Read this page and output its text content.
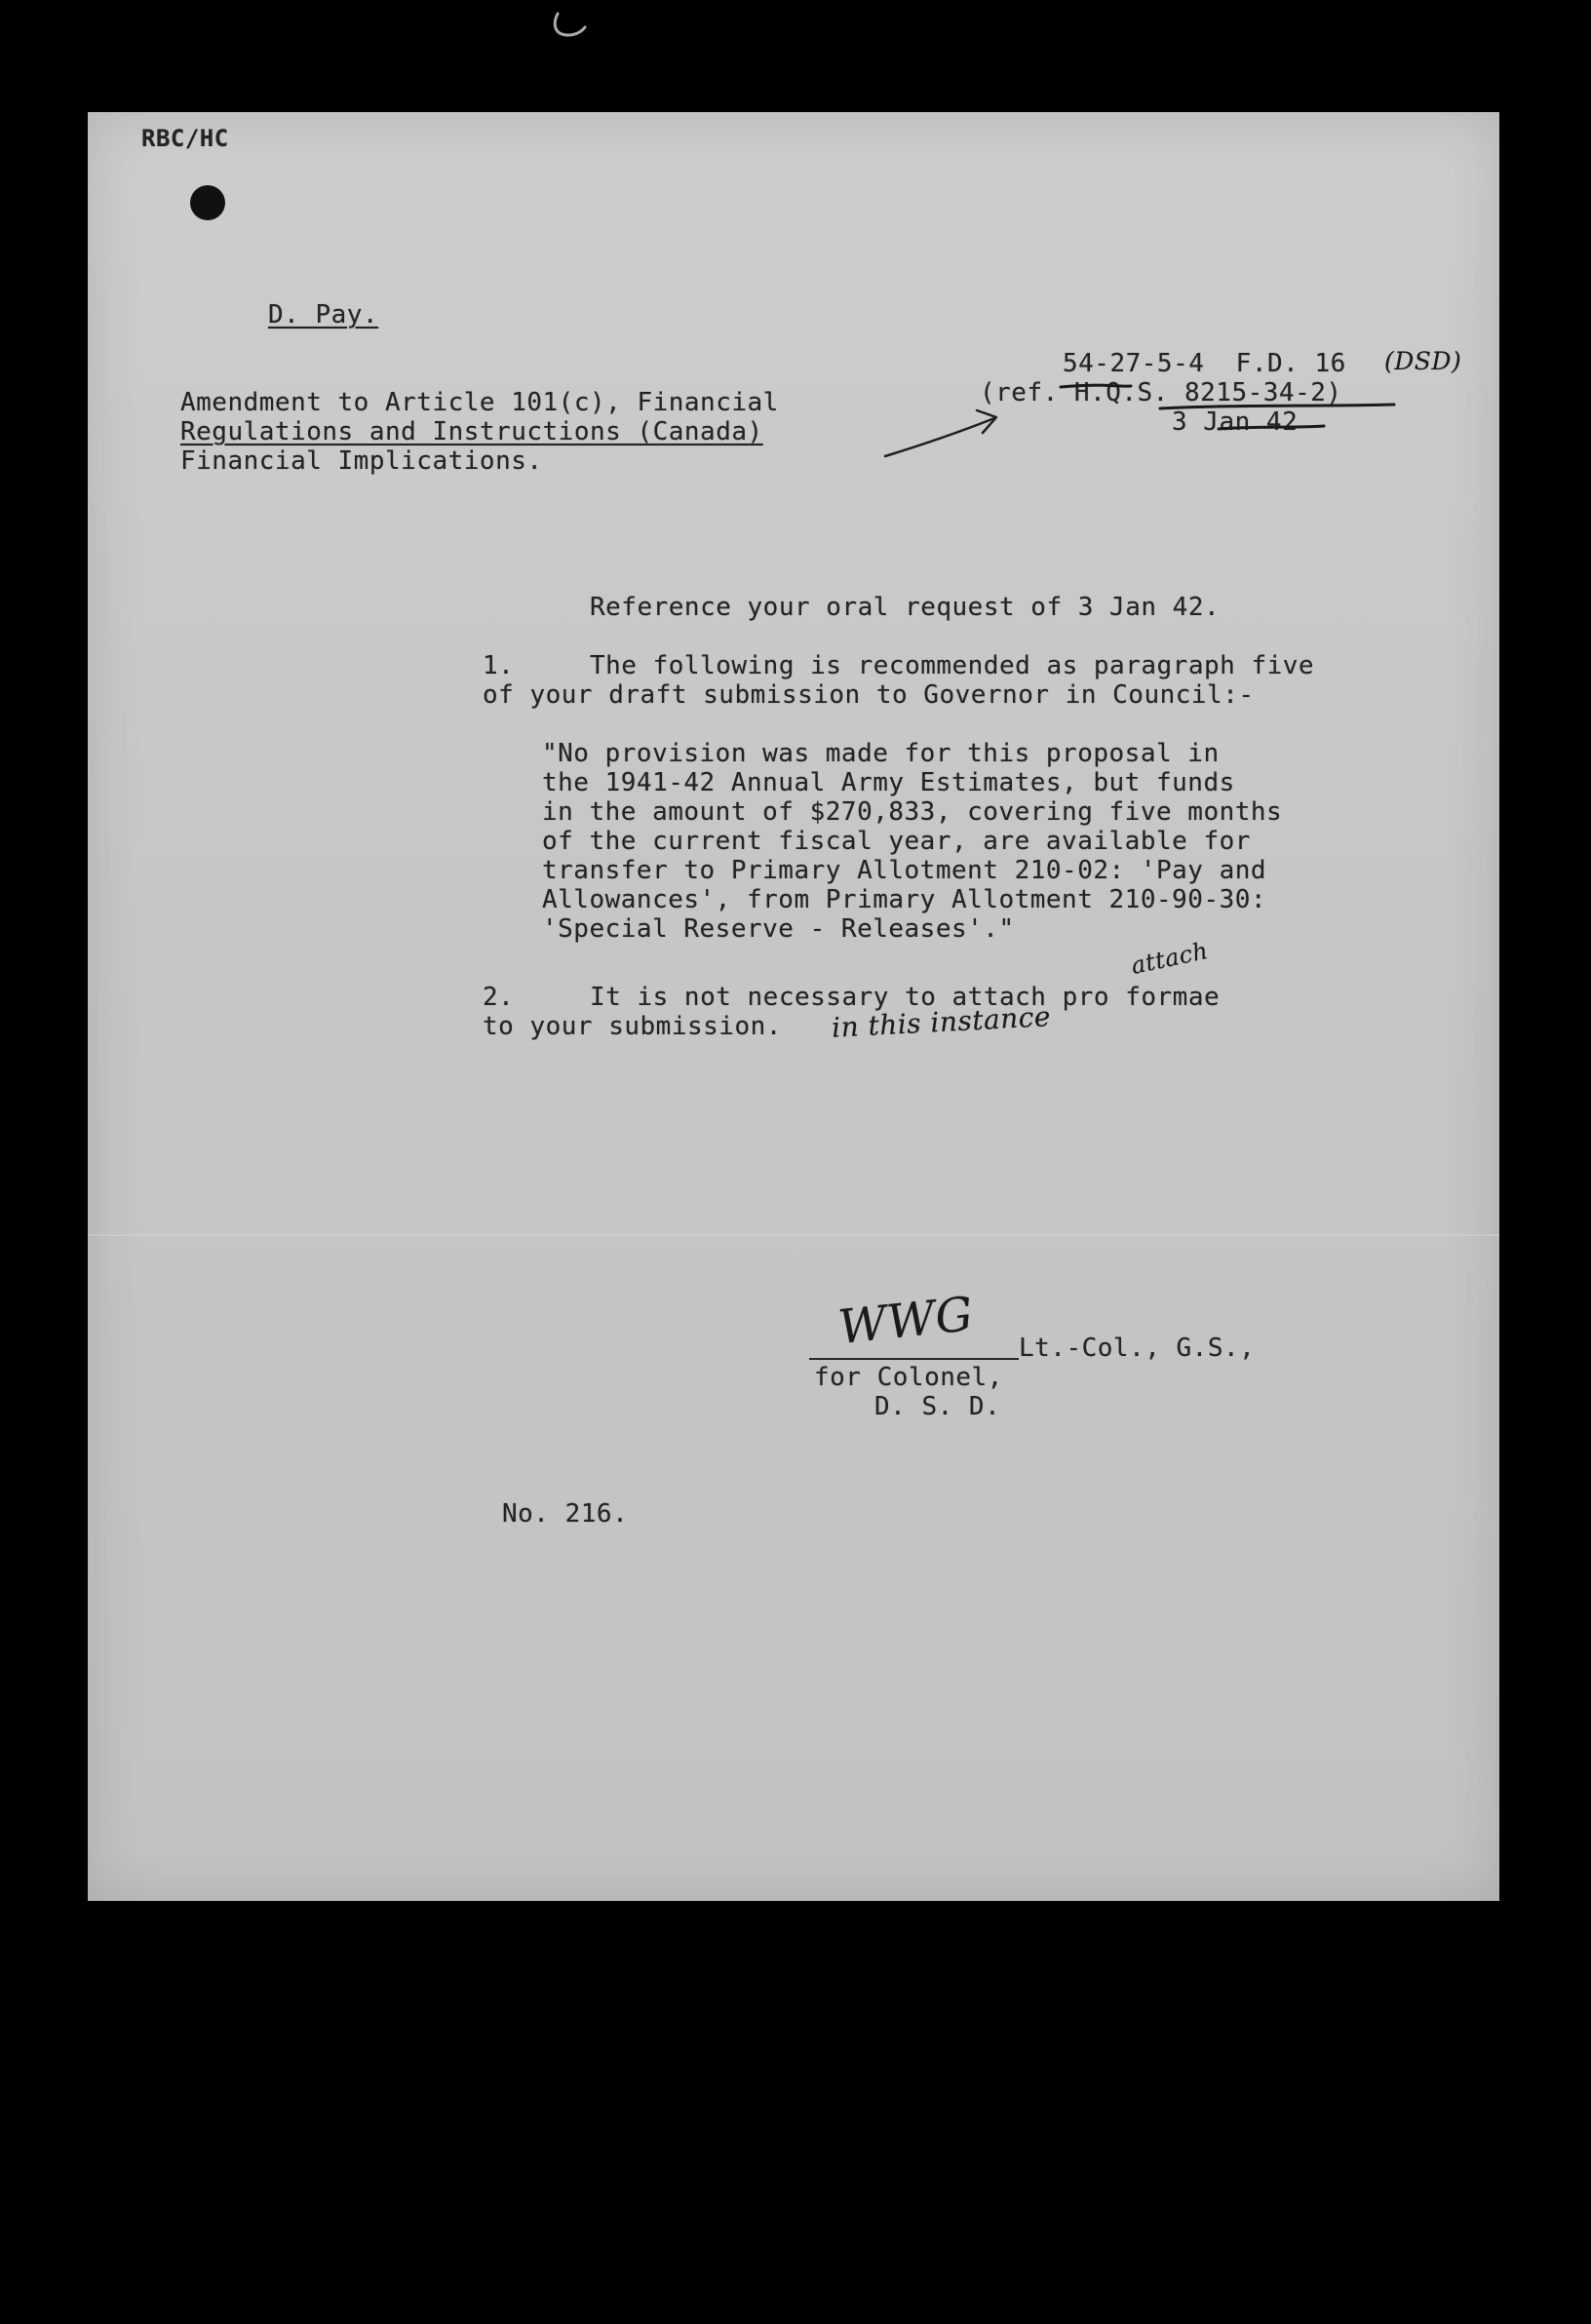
RBC/HC

D. Pay.

Amendment to Article 101(c), Financial

Regulations and Instructions (Canada)

Financial Implications.

54-27-5-4  F.D. 16 (DSD)

(ref. H.Q.S. 8215-34-2)

3 Jan 42

Reference your oral request of 3 Jan 42.

1.	The following is recommended as paragraph five

of your draft submission to Governor in Council:-

"No provision was made for this proposal in

the 1941-42 Annual Army Estimates, but funds

in the amount of $270,833, covering five months

of the current fiscal year, are available for

transfer to Primary Allotment 210-02: 'Pay and

Allowances', from Primary Allotment 210-90-30:

'Special Reserve - Releases'."

2.	It is not necessary to attach pro formae

to your submission.

attach

in this instance

WWG Lt.-Col., G.S.,

for Colonel,

D. S. D.

No. 216.
